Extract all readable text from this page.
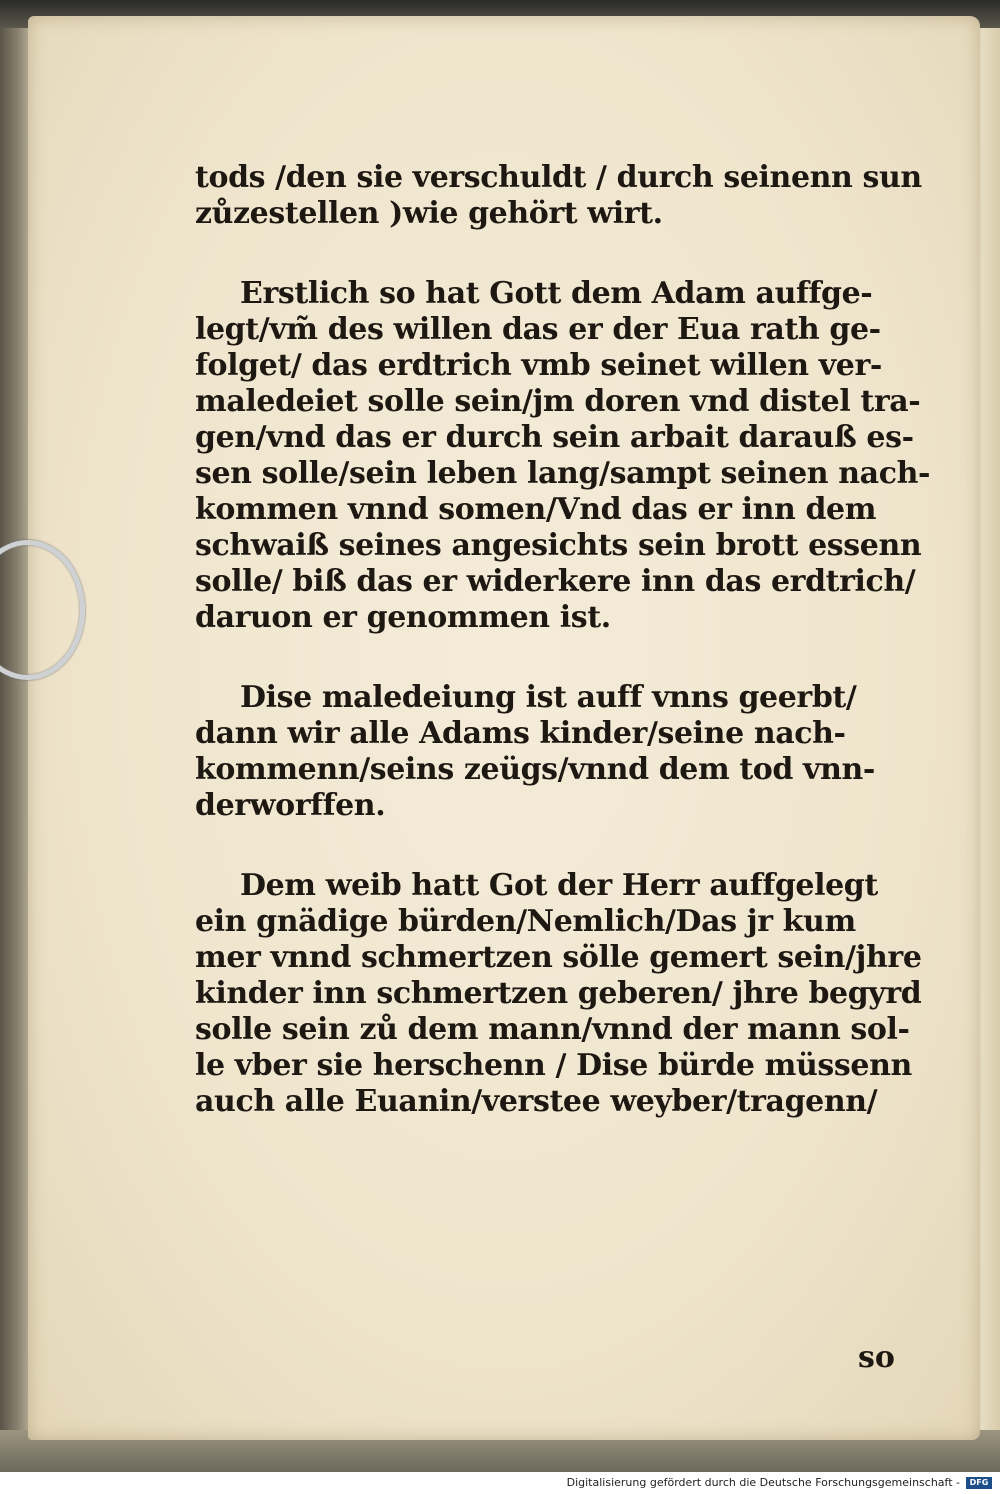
tods /den sie verschuldt / durch seinenn sun
zůzestellen )wie gehört wirt.
Erstlich so hat Gott dem Adam auffge-
legt/vm̃ des willen das er der Eua rath ge-
folget/ das erdtrich vmb seinet willen ver-
maledeiet solle sein/jm doren vnd distel tra-
gen/vnd das er durch sein arbait darauß es-
sen solle/sein leben lang/sampt seinen nach-
kommen vnnd somen/Vnd das er inn dem
schwaiß seines angesichts sein brott essenn
solle/ biß das er widerkere inn das erdtrich/
daruon er genommen ist.
Dise maledeiung ist auff vnns geerbt/
dann wir alle Adams kinder/seine nach-
kommenn/seins zeügs/vnnd dem tod vnn-
derworffen.
Dem weib hatt Got der Herr auffgelegt
ein gnädige bürden/Nemlich/Das jr kum
mer vnnd schmertzen sölle gemert sein/jhre
kinder inn schmertzen geberen/ jhre begyrd
solle sein zů dem mann/vnnd der mann sol-
le vber sie herschenn / Dise bürde müssenn
auch alle Euanin/verstee weyber/tragenn/
so
Digitalisierung gefördert durch die Deutsche Forschungsgemeinschaft -	DFG
